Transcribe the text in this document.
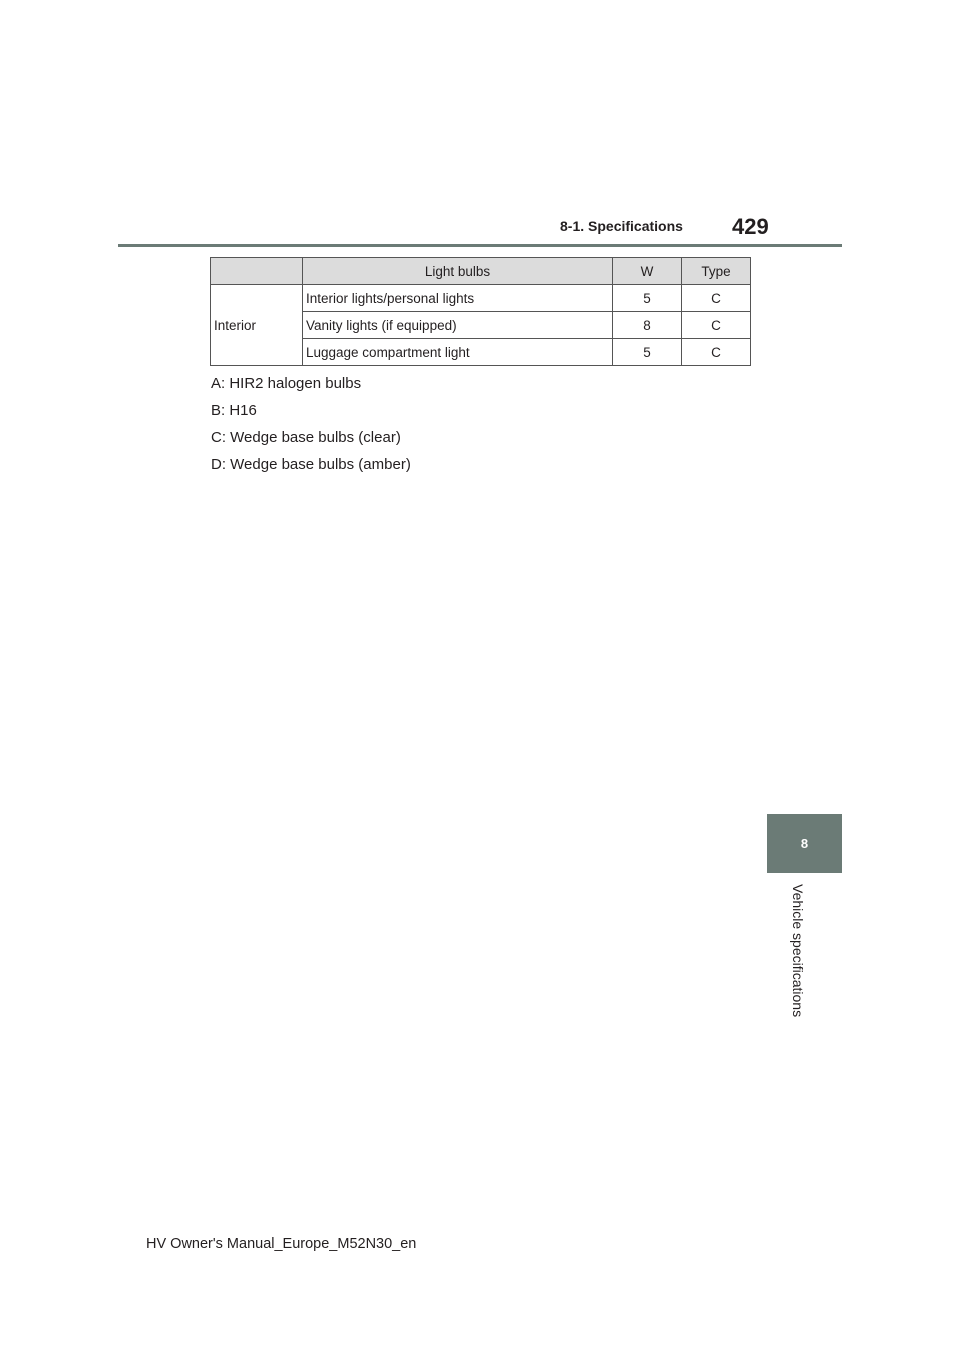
8-1. Specifications 429
	Light bulbs	W	Type
Interior	Interior lights/personal lights	5	C
	Vanity lights (if equipped)	8	C
	Luggage compartment light	5	C
A: HIR2 halogen bulbs
B: H16
C: Wedge base bulbs (clear)
D: Wedge base bulbs (amber)
8
Vehicle specifications
HV Owner's Manual_Europe_M52N30_en
